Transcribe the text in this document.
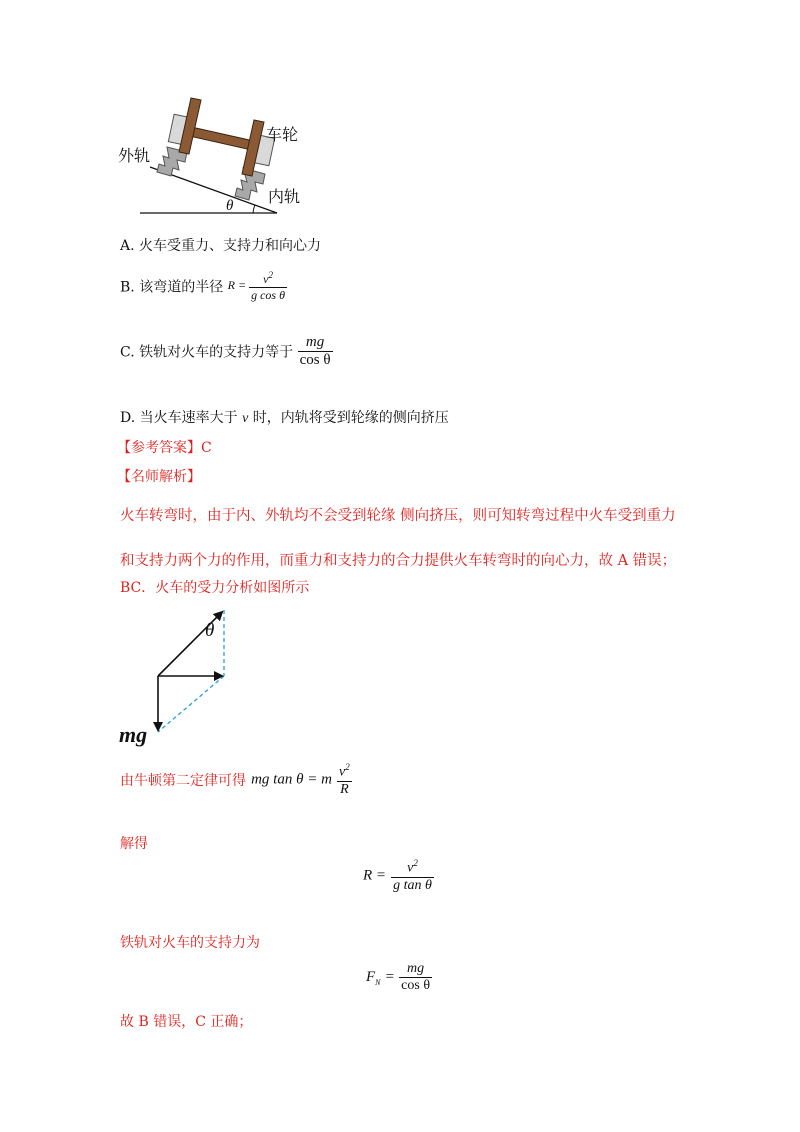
外轨
车轮
内轨
θ
A. 火车受重力、支持力和向心力
B. 该弯道的半径 $R = \frac{v^2}{\text{g cos θ}}$
C. 铁轨对火车的支持力等于 $\frac{mg}{\text{cos θ}}$
D. 当火车速率大于 v 时，内轨将受到轮缘的侧向挤压
【参考答案】C
【名师解析】
火车转弯时，由于内、外轨均不会受到轮缘 侧向挤压，则可知转弯过程中火车受到重力
和支持力两个力的作用，而重力和支持力的合力提供火车转弯时的向心力，故 A 错误；
BC．火车的受力分析如图所示
θ
mg
由牛顿第二定律可得 mg tan θ = m $\frac{v^2}{R}$
解得
$R = \frac{v^2}{\text{g tan θ}}$
铁轨对火车的支持力为
$F_N = \frac{mg}{\text{cos θ}}$
故 B 错误，C 正确；
